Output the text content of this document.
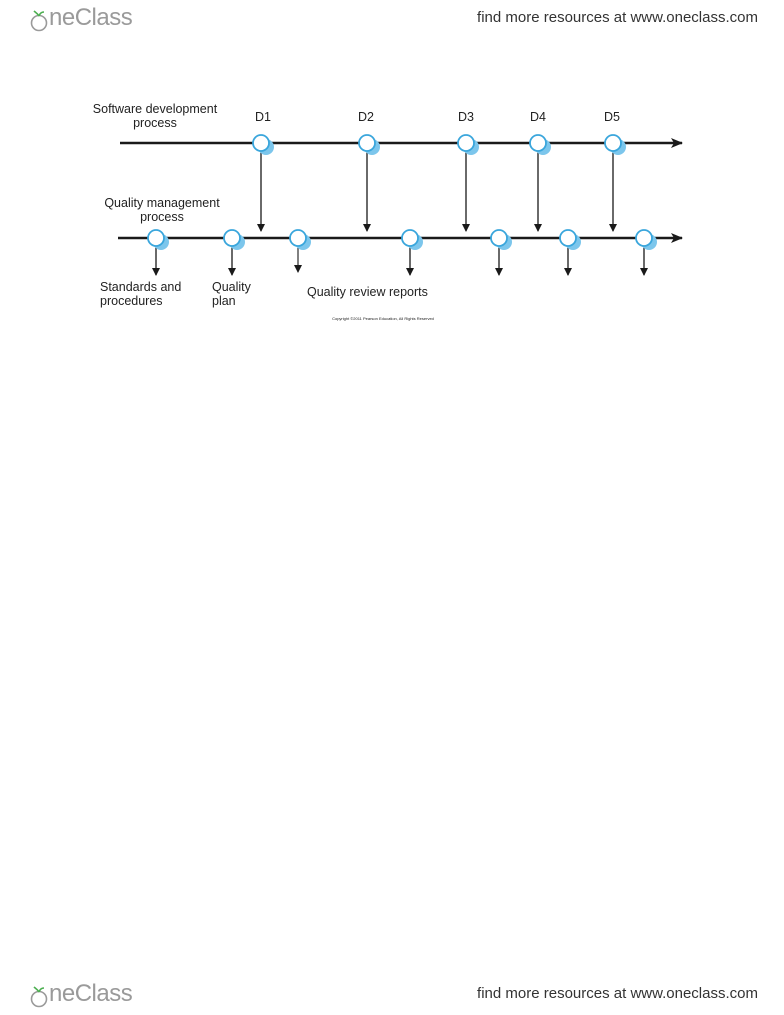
neClass	find more resources at www.oneclass.com
Software development
process
Quality management
process
D1	D2	D3	D4	D5
Standards and
procedures
Quality
plan
Quality review reports
Copyright ©2011 Pearson Education, All Rights Reserved
neClass	find more resources at www.oneclass.com
